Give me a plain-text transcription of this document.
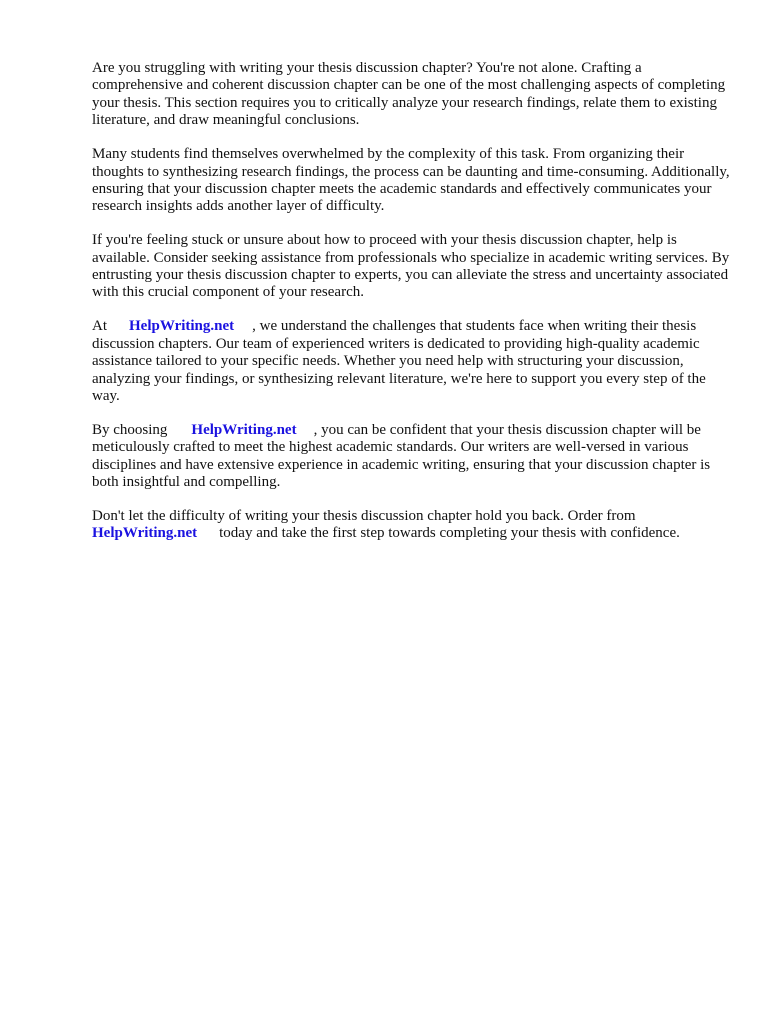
Are you struggling with writing your thesis discussion chapter? You're not alone. Crafting a comprehensive and coherent discussion chapter can be one of the most challenging aspects of completing your thesis. This section requires you to critically analyze your research findings, relate them to existing literature, and draw meaningful conclusions.

Many students find themselves overwhelmed by the complexity of this task. From organizing their thoughts to synthesizing research findings, the process can be daunting and time-consuming. Additionally, ensuring that your discussion chapter meets the academic standards and effectively communicates your research insights adds another layer of difficulty.

If you're feeling stuck or unsure about how to proceed with your thesis discussion chapter, help is available. Consider seeking assistance from professionals who specialize in academic writing services. By entrusting your thesis discussion chapter to experts, you can alleviate the stress and uncertainty associated with this crucial component of your research.

At HelpWriting.net , we understand the challenges that students face when writing their thesis discussion chapters. Our team of experienced writers is dedicated to providing high-quality academic assistance tailored to your specific needs. Whether you need help with structuring your discussion, analyzing your findings, or synthesizing relevant literature, we're here to support you every step of the way.

By choosing HelpWriting.net , you can be confident that your thesis discussion chapter will be meticulously crafted to meet the highest academic standards. Our writers are well-versed in various disciplines and have extensive experience in academic writing, ensuring that your discussion chapter is both insightful and compelling.

Don't let the difficulty of writing your thesis discussion chapter hold you back. Order from
HelpWriting.net today and take the first step towards completing your thesis with confidence.
